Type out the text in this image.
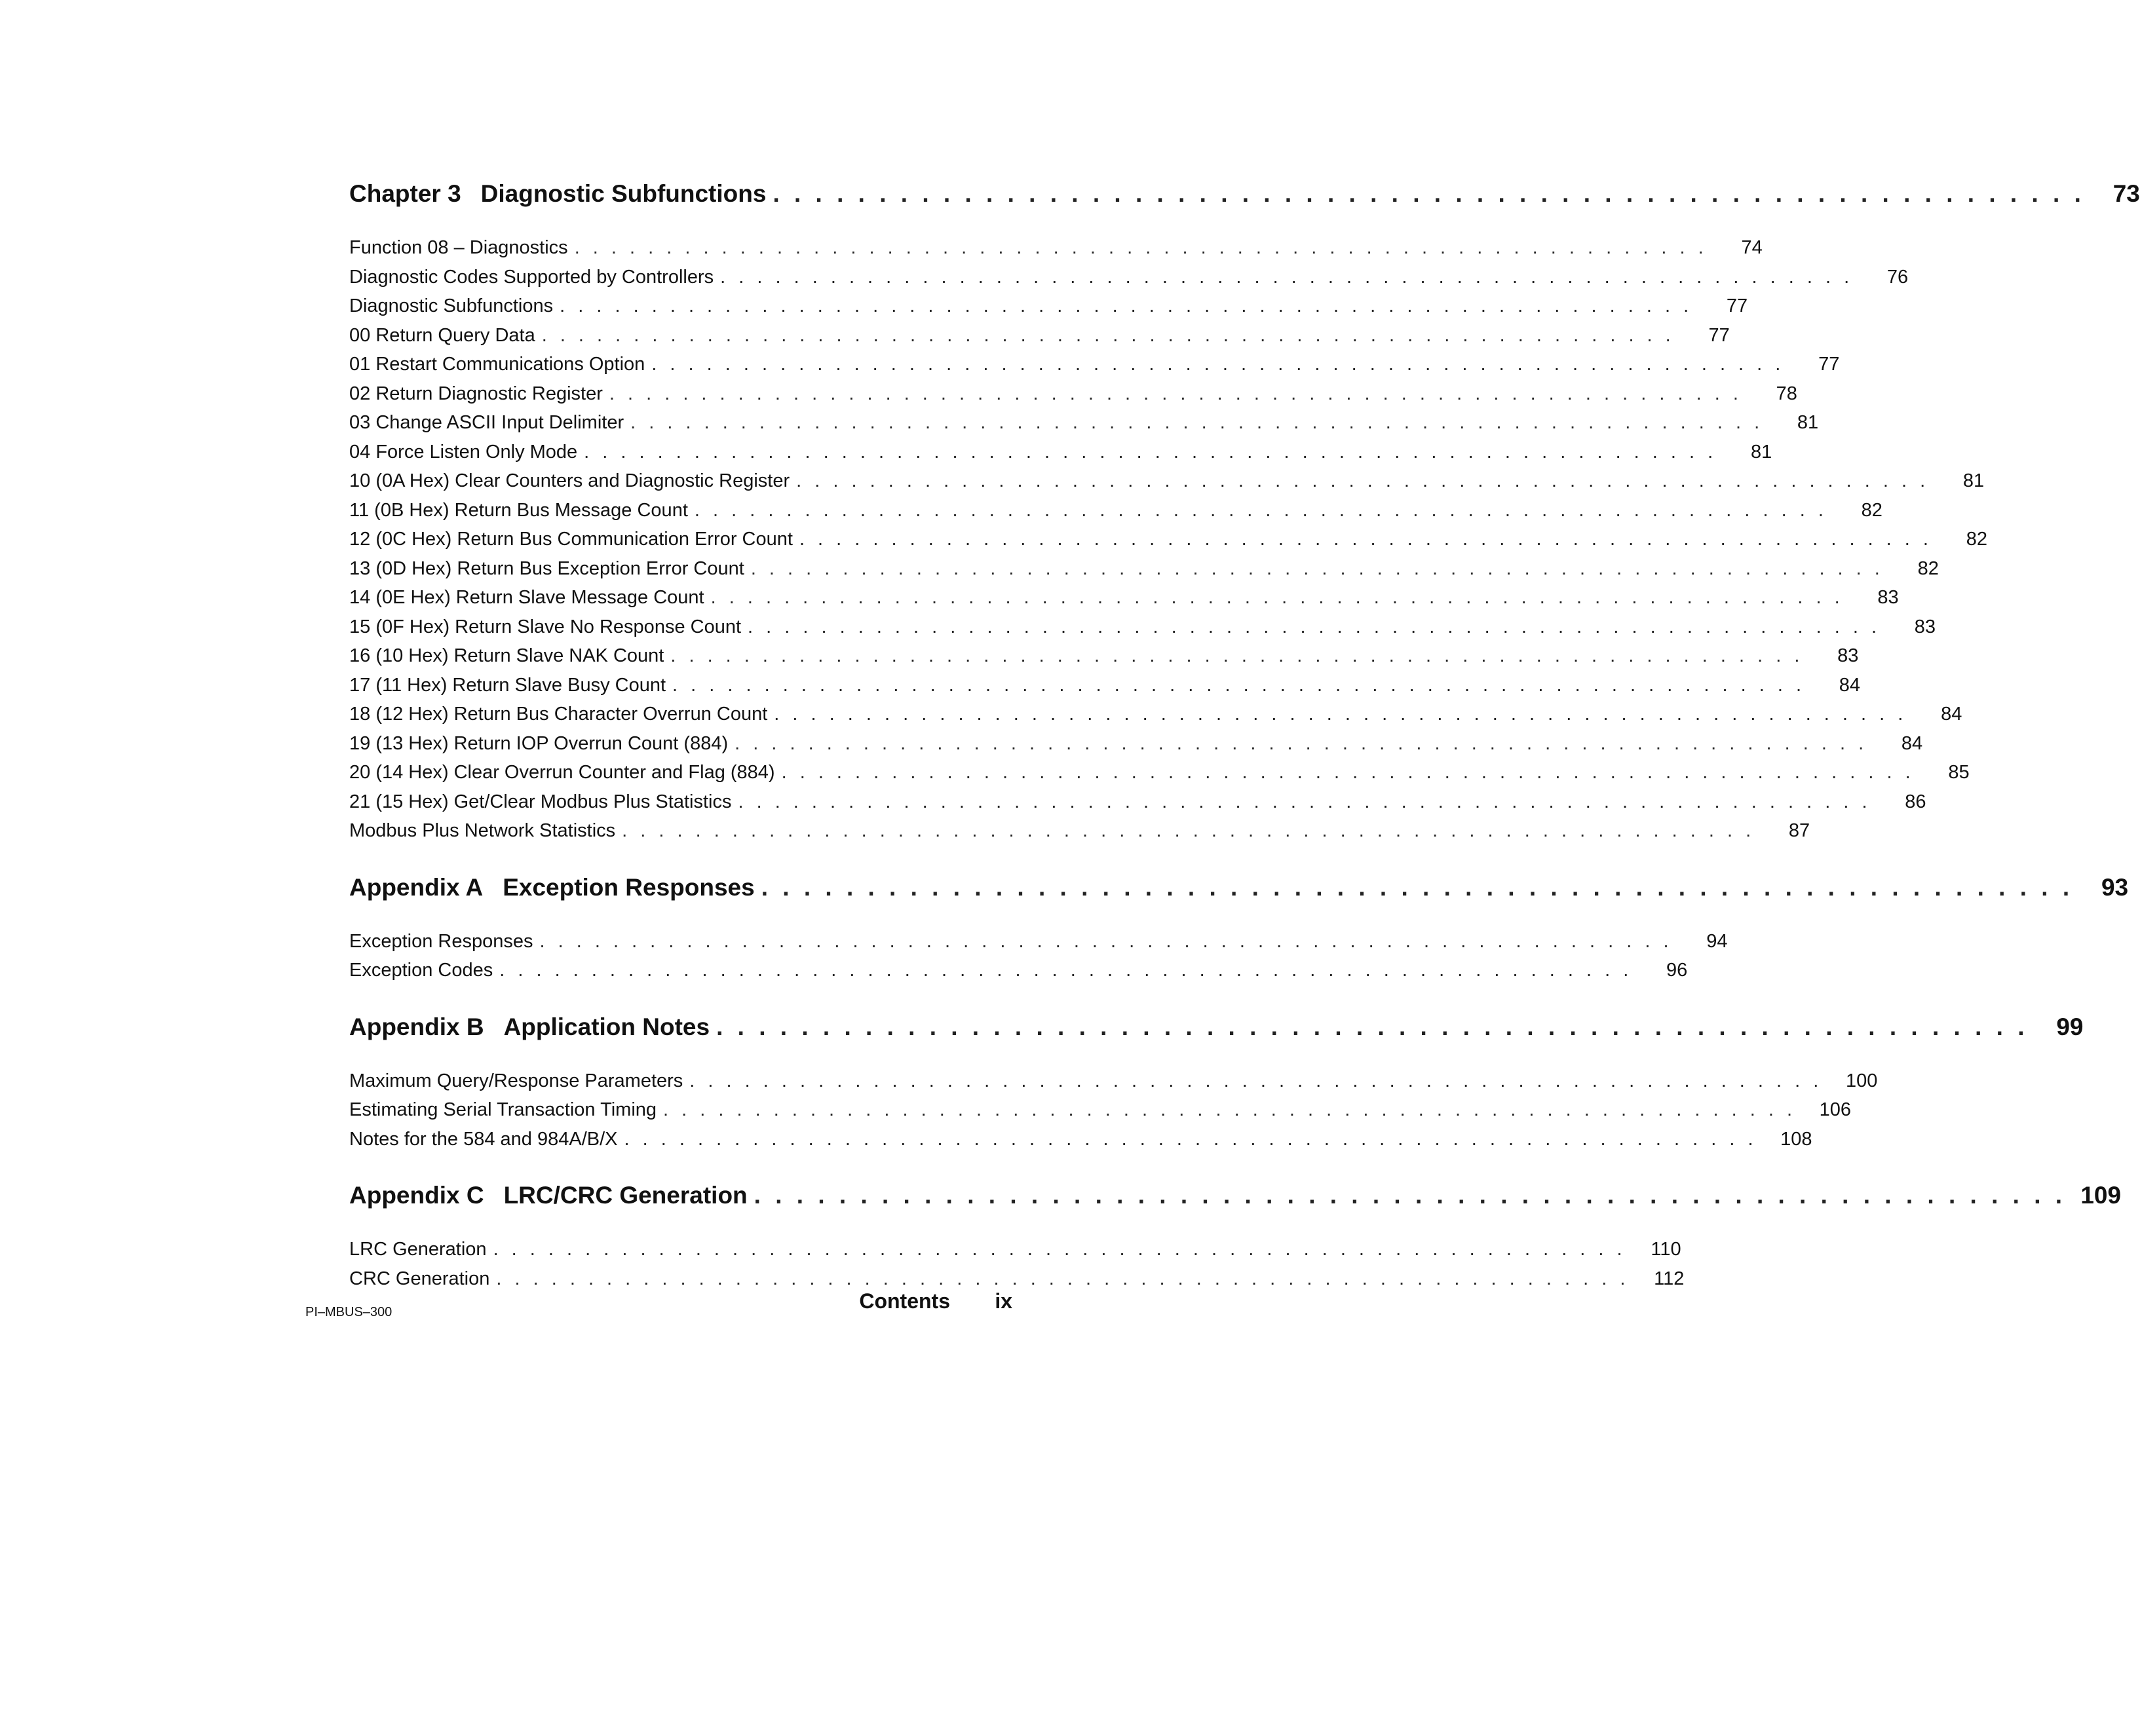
Chapter 3 Diagnostic Subfunctions . . . . . . . . . . . . . . . . . . . . . . . . . . . . . . . . . . . . . . . . . . . . . . . . . . . . . . . . . . . . . .	73
Function 08 – Diagnostics . . . . . . . . . . . . . . . . . . . . . . . . . . . . . . . . . . . . . . . . . . . . . . . . . . . . . . . . . . . . . .	74
Diagnostic Codes Supported by Controllers . . . . . . . . . . . . . . . . . . . . . . . . . . . . . . . . . . . . . . . . . . . . . . . . . . . . . . . . . . . . . .	76
Diagnostic Subfunctions . . . . . . . . . . . . . . . . . . . . . . . . . . . . . . . . . . . . . . . . . . . . . . . . . . . . . . . . . . . . . .	77
00 Return Query Data . . . . . . . . . . . . . . . . . . . . . . . . . . . . . . . . . . . . . . . . . . . . . . . . . . . . . . . . . . . . . .	77
01 Restart Communications Option . . . . . . . . . . . . . . . . . . . . . . . . . . . . . . . . . . . . . . . . . . . . . . . . . . . . . . . . . . . . . .	77
02 Return Diagnostic Register . . . . . . . . . . . . . . . . . . . . . . . . . . . . . . . . . . . . . . . . . . . . . . . . . . . . . . . . . . . . . .	78
03 Change ASCII Input Delimiter . . . . . . . . . . . . . . . . . . . . . . . . . . . . . . . . . . . . . . . . . . . . . . . . . . . . . . . . . . . . . .	81
04 Force Listen Only Mode . . . . . . . . . . . . . . . . . . . . . . . . . . . . . . . . . . . . . . . . . . . . . . . . . . . . . . . . . . . . . .	81
10 (0A Hex) Clear Counters and Diagnostic Register . . . . . . . . . . . . . . . . . . . . . . . . . . . . . . . . . . . . . . . . . . . . . . . . . . . . . . . . . . . . . .	81
11 (0B Hex) Return Bus Message Count . . . . . . . . . . . . . . . . . . . . . . . . . . . . . . . . . . . . . . . . . . . . . . . . . . . . . . . . . . . . . .	82
12 (0C Hex) Return Bus Communication Error Count . . . . . . . . . . . . . . . . . . . . . . . . . . . . . . . . . . . . . . . . . . . . . . . . . . . . . . . . . . . . . .	82
13 (0D Hex) Return Bus Exception Error Count . . . . . . . . . . . . . . . . . . . . . . . . . . . . . . . . . . . . . . . . . . . . . . . . . . . . . . . . . . . . . .	82
14 (0E Hex) Return Slave Message Count . . . . . . . . . . . . . . . . . . . . . . . . . . . . . . . . . . . . . . . . . . . . . . . . . . . . . . . . . . . . . .	83
15 (0F Hex) Return Slave No Response Count . . . . . . . . . . . . . . . . . . . . . . . . . . . . . . . . . . . . . . . . . . . . . . . . . . . . . . . . . . . . . .	83
16 (10 Hex) Return Slave NAK Count . . . . . . . . . . . . . . . . . . . . . . . . . . . . . . . . . . . . . . . . . . . . . . . . . . . . . . . . . . . . . .	83
17 (11 Hex) Return Slave Busy Count . . . . . . . . . . . . . . . . . . . . . . . . . . . . . . . . . . . . . . . . . . . . . . . . . . . . . . . . . . . . . .	84
18 (12 Hex) Return Bus Character Overrun Count . . . . . . . . . . . . . . . . . . . . . . . . . . . . . . . . . . . . . . . . . . . . . . . . . . . . . . . . . . . . . .	84
19 (13 Hex) Return IOP Overrun Count (884) . . . . . . . . . . . . . . . . . . . . . . . . . . . . . . . . . . . . . . . . . . . . . . . . . . . . . . . . . . . . . .	84
20 (14 Hex) Clear Overrun Counter and Flag (884) . . . . . . . . . . . . . . . . . . . . . . . . . . . . . . . . . . . . . . . . . . . . . . . . . . . . . . . . . . . . . .	85
21 (15 Hex) Get/Clear Modbus Plus Statistics . . . . . . . . . . . . . . . . . . . . . . . . . . . . . . . . . . . . . . . . . . . . . . . . . . . . . . . . . . . . . .	86
Modbus Plus Network Statistics . . . . . . . . . . . . . . . . . . . . . . . . . . . . . . . . . . . . . . . . . . . . . . . . . . . . . . . . . . . . . .	87
Appendix A Exception Responses . . . . . . . . . . . . . . . . . . . . . . . . . . . . . . . . . . . . . . . . . . . . . . . . . . . . . . . . . . . . . .	93
Exception Responses . . . . . . . . . . . . . . . . . . . . . . . . . . . . . . . . . . . . . . . . . . . . . . . . . . . . . . . . . . . . . .	94
Exception Codes . . . . . . . . . . . . . . . . . . . . . . . . . . . . . . . . . . . . . . . . . . . . . . . . . . . . . . . . . . . . . .	96
Appendix B Application Notes . . . . . . . . . . . . . . . . . . . . . . . . . . . . . . . . . . . . . . . . . . . . . . . . . . . . . . . . . . . . . .	99
Maximum Query/Response Parameters . . . . . . . . . . . . . . . . . . . . . . . . . . . . . . . . . . . . . . . . . . . . . . . . . . . . . . . . . . . . . .	100
Estimating Serial Transaction Timing . . . . . . . . . . . . . . . . . . . . . . . . . . . . . . . . . . . . . . . . . . . . . . . . . . . . . . . . . . . . . .	106
Notes for the 584 and 984A/B/X . . . . . . . . . . . . . . . . . . . . . . . . . . . . . . . . . . . . . . . . . . . . . . . . . . . . . . . . . . . . . .	108
Appendix C LRC/CRC Generation . . . . . . . . . . . . . . . . . . . . . . . . . . . . . . . . . . . . . . . . . . . . . . . . . . . . . . . . . . . . . . 109
LRC Generation . . . . . . . . . . . . . . . . . . . . . . . . . . . . . . . . . . . . . . . . . . . . . . . . . . . . . . . . . . . . . .	110
CRC Generation . . . . . . . . . . . . . . . . . . . . . . . . . . . . . . . . . . . . . . . . . . . . . . . . . . . . . . . . . . . . . .	112
PI–MBUS–300	Contents ix
